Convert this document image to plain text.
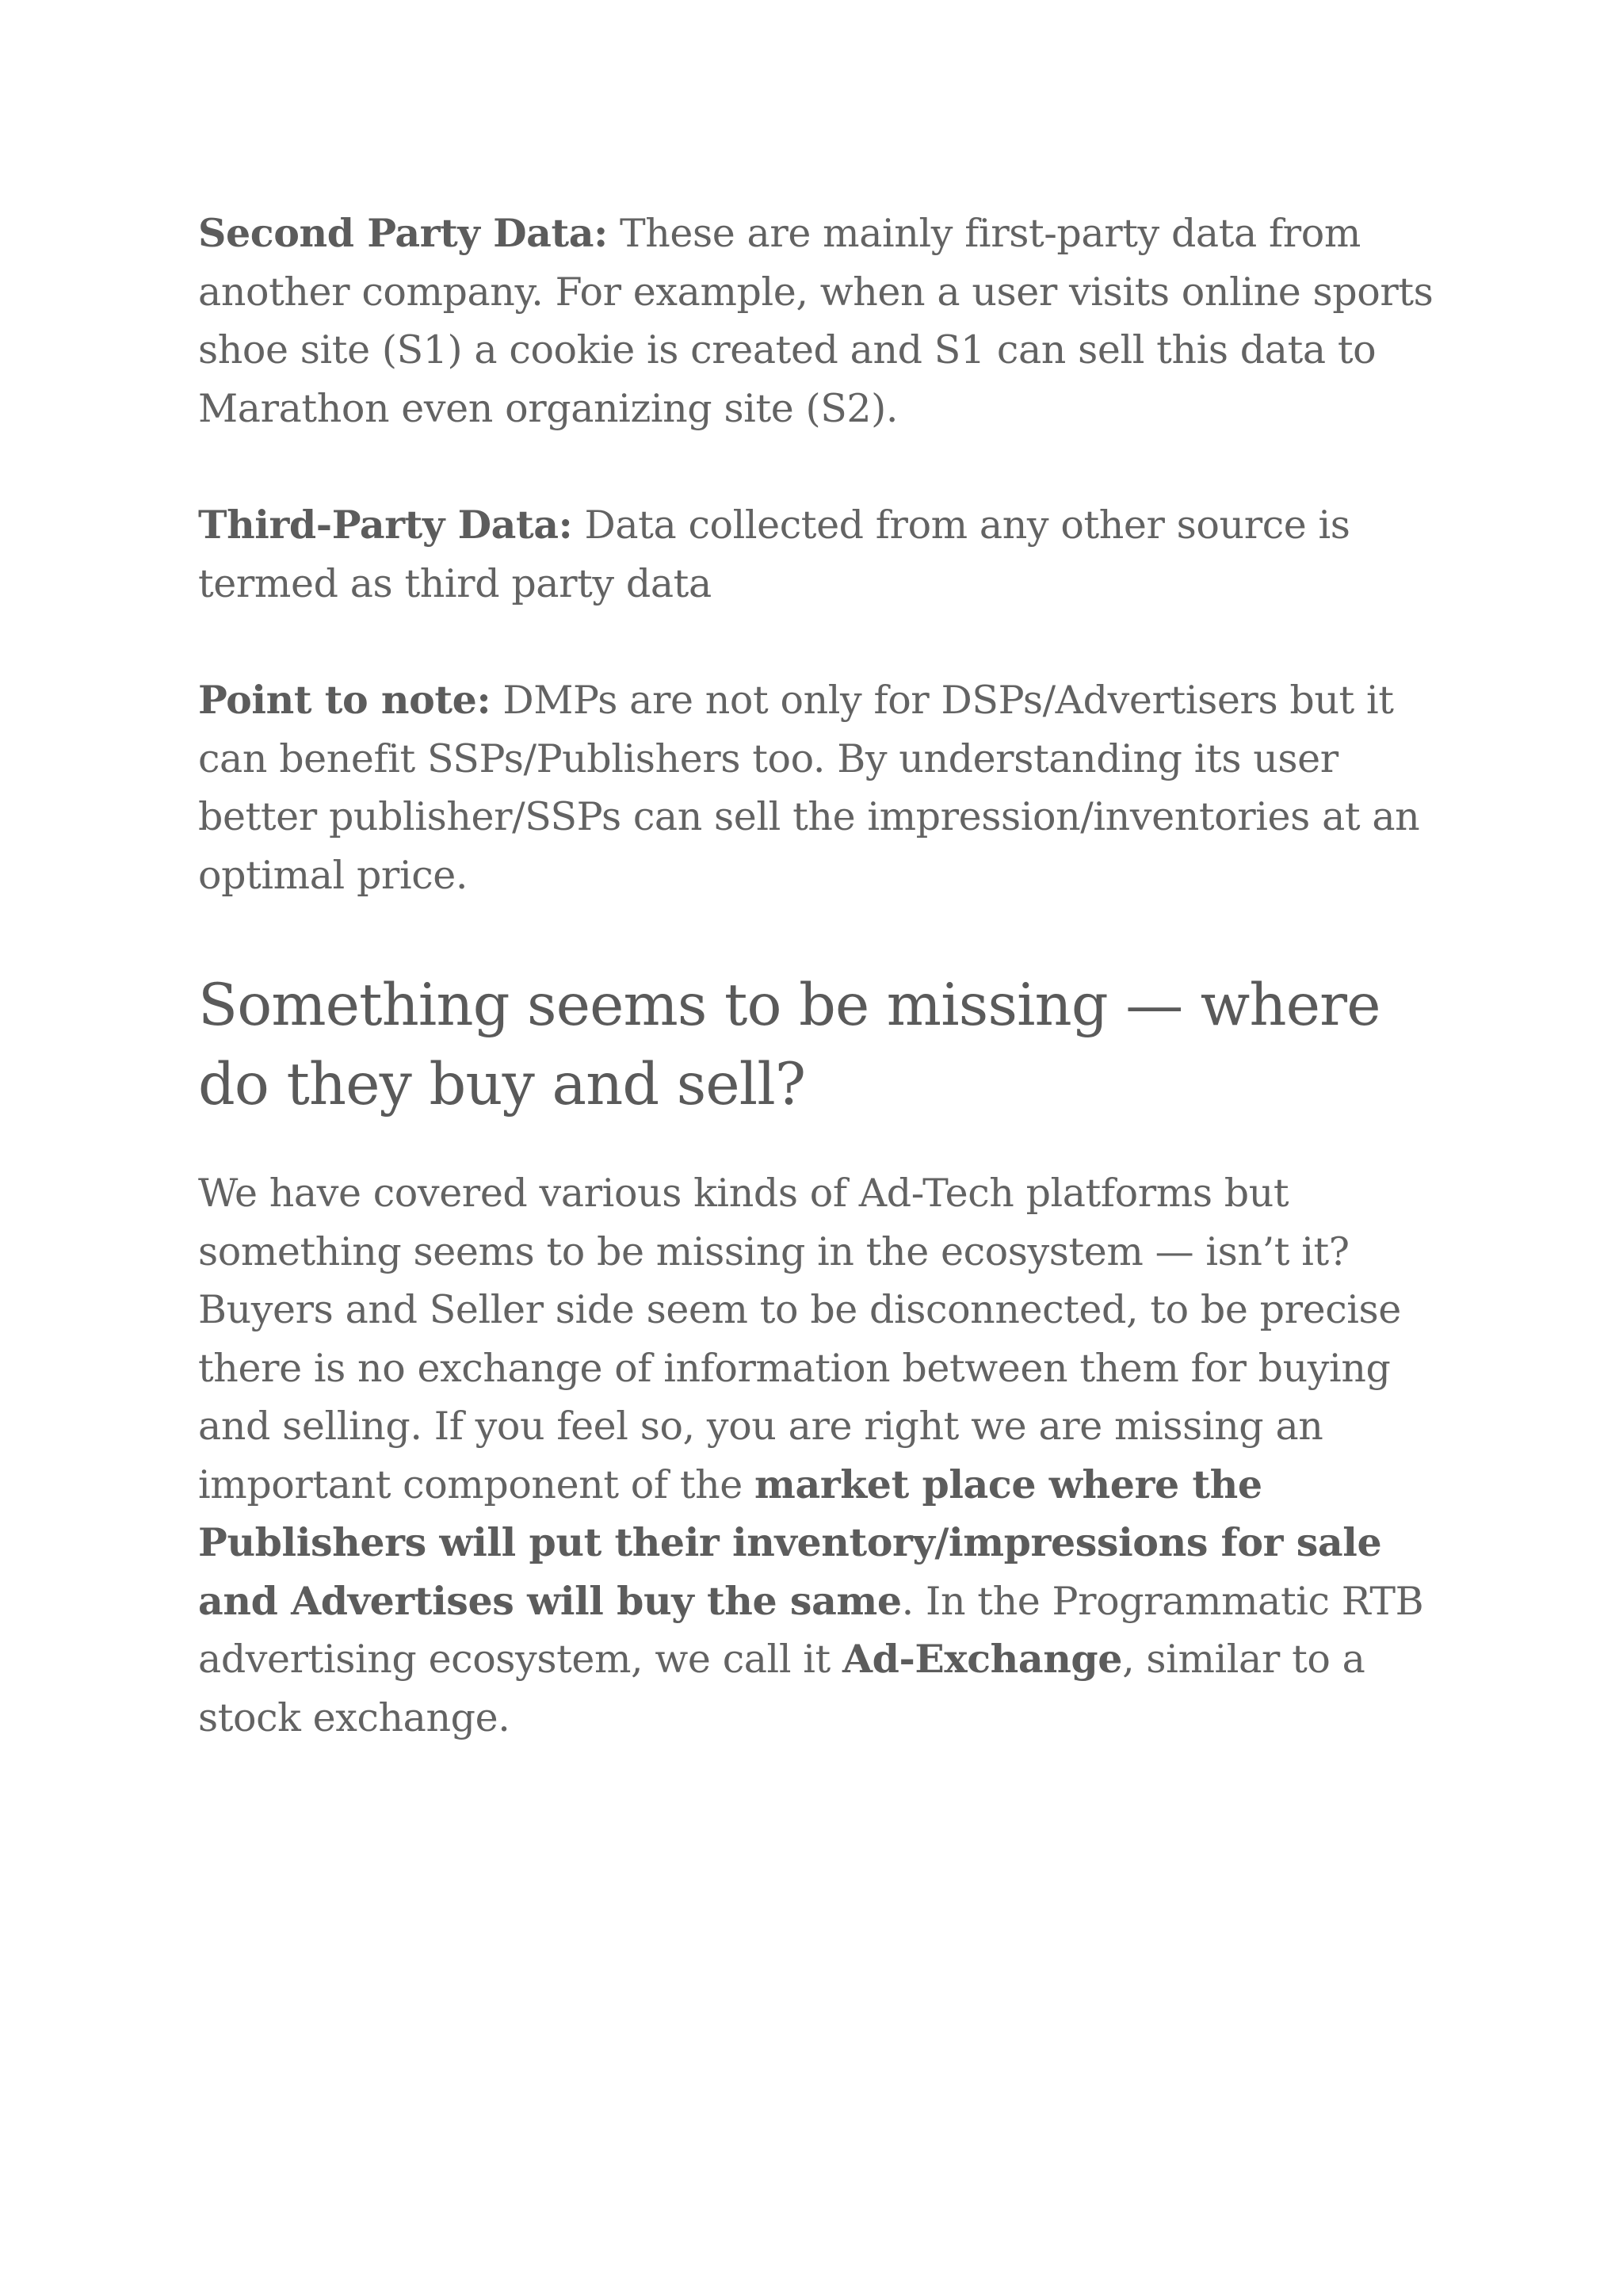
Second Party Data: These are mainly first-party data from another company. For example, when a user visits online sports shoe site (S1) a cookie is created and S1 can sell this data to Marathon even organizing site (S2).

Third-Party Data: Data collected from any other source is termed as third party data

Point to note: DMPs are not only for DSPs/Advertisers but it can benefit SSPs/Publishers too. By understanding its user better publisher/SSPs can sell the impression/inventories at an optimal price.

Something seems to be missing — where do they buy and sell?

We have covered various kinds of Ad-Tech platforms but something seems to be missing in the ecosystem — isn’t it? Buyers and Seller side seem to be disconnected, to be precise there is no exchange of information between them for buying and selling. If you feel so, you are right we are missing an important component of the market place where the Publishers will put their inventory/impressions for sale and Advertises will buy the same. In the Programmatic RTB advertising ecosystem, we call it Ad-Exchange, similar to a stock exchange.
